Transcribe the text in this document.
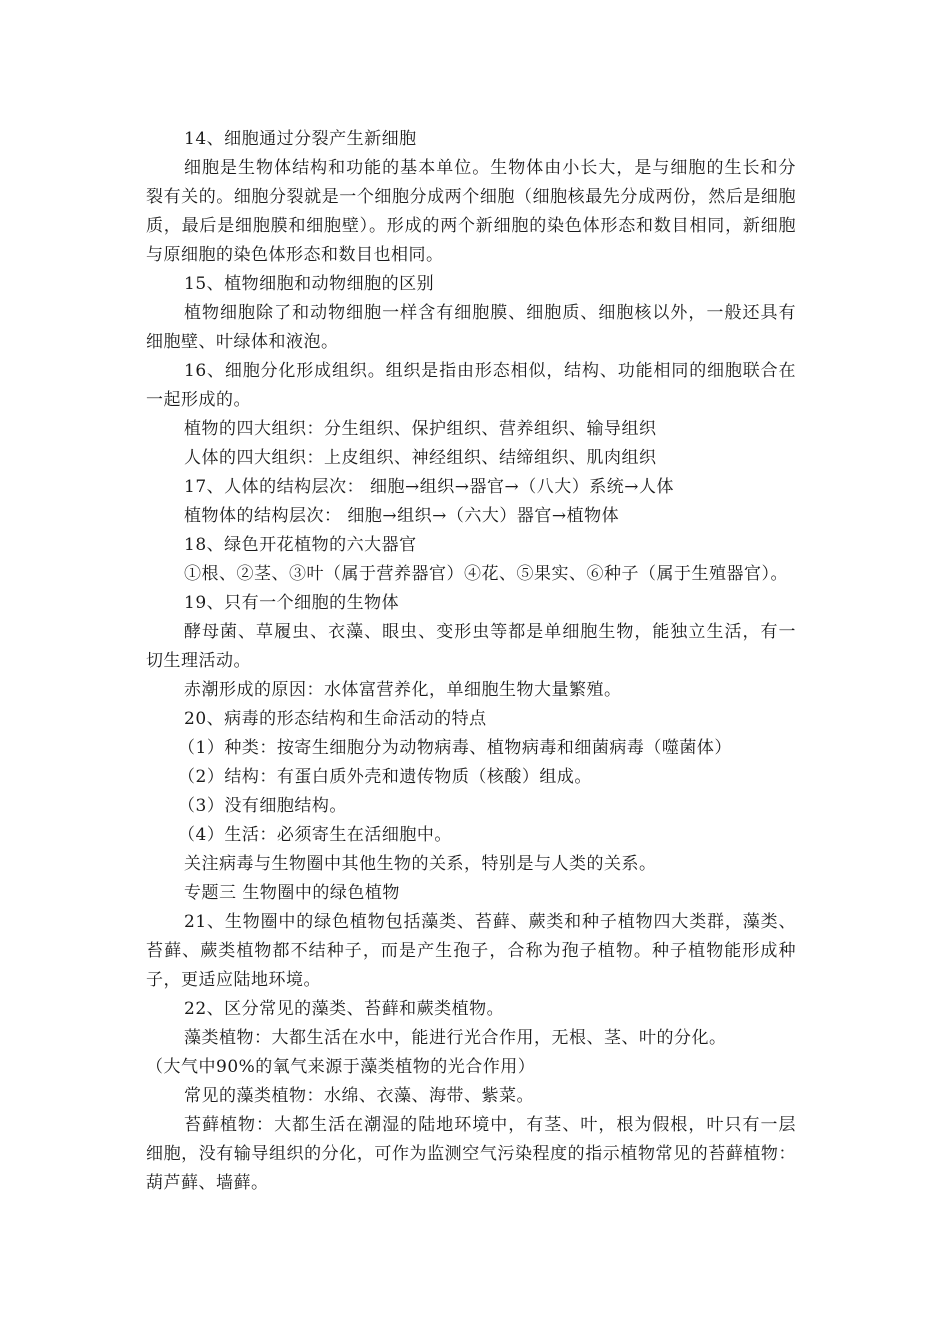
14、细胞通过分裂产生新细胞

细胞是生物体结构和功能的基本单位。生物体由小长大，是与细胞的生长和分裂有关的。细胞分裂就是一个细胞分成两个细胞（细胞核最先分成两份，然后是细胞质，最后是细胞膜和细胞壁）。形成的两个新细胞的染色体形态和数目相同，新细胞与原细胞的染色体形态和数目也相同。

15、植物细胞和动物细胞的区别

植物细胞除了和动物细胞一样含有细胞膜、细胞质、细胞核以外，一般还具有细胞壁、叶绿体和液泡。

16、细胞分化形成组织。组织是指由形态相似，结构、功能相同的细胞联合在一起形成的。

植物的四大组织：分生组织、保护组织、营养组织、输导组织

人体的四大组织：上皮组织、神经组织、结缔组织、肌肉组织

17、人体的结构层次： 细胞→组织→器官→（八大）系统→人体

植物体的结构层次： 细胞→组织→（六大）器官→植物体

18、绿色开花植物的六大器官

①根、②茎、③叶（属于营养器官）④花、⑤果实、⑥种子（属于生殖器官）。

19、只有一个细胞的生物体

酵母菌、草履虫、衣藻、眼虫、变形虫等都是单细胞生物，能独立生活，有一切生理活动。

赤潮形成的原因：水体富营养化，单细胞生物大量繁殖。

20、病毒的形态结构和生命活动的特点

（1）种类：按寄生细胞分为动物病毒、植物病毒和细菌病毒（噬菌体）

（2）结构：有蛋白质外壳和遗传物质（核酸）组成。

（3）没有细胞结构。

（4）生活：必须寄生在活细胞中。

关注病毒与生物圈中其他生物的关系，特别是与人类的关系。

专题三 生物圈中的绿色植物

21、生物圈中的绿色植物包括藻类、苔藓、蕨类和种子植物四大类群，藻类、苔藓、蕨类植物都不结种子，而是产生孢子，合称为孢子植物。种子植物能形成种子，更适应陆地环境。

22、区分常见的藻类、苔藓和蕨类植物。

藻类植物：大都生活在水中，能进行光合作用，无根、茎、叶的分化。

（大气中90%的氧气来源于藻类植物的光合作用）

常见的藻类植物：水绵、衣藻、海带、紫菜。

苔藓植物：大都生活在潮湿的陆地环境中，有茎、叶，根为假根，叶只有一层细胞，没有输导组织的分化，可作为监测空气污染程度的指示植物常见的苔藓植物：葫芦藓、墙藓。
